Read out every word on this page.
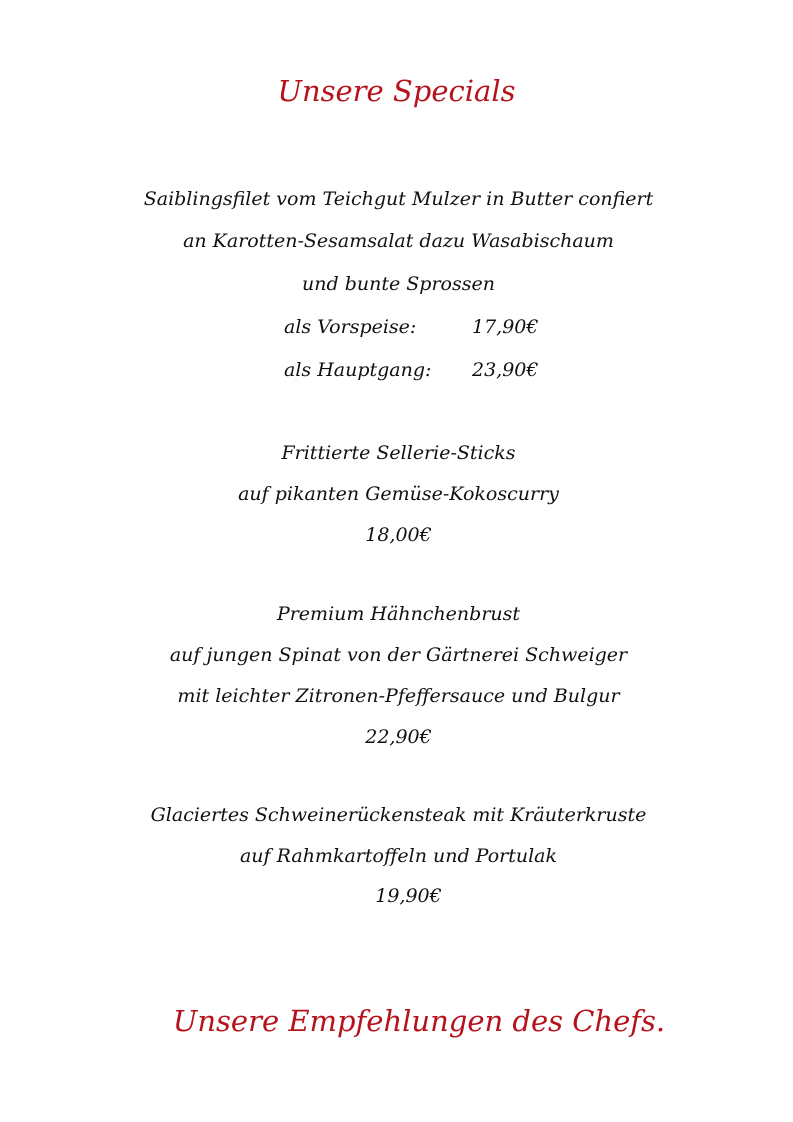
Unsere Specials
Saiblingsfilet vom Teichgut Mulzer in Butter confiert
an Karotten-Sesamsalat dazu Wasabischaum
und bunte Sprossen
als Vorspeise:	17,90€
als Hauptgang: 23,90€
Frittierte Sellerie-Sticks
auf pikanten Gemüse-Kokoscurry
18,00€
Premium Hähnchenbrust
auf jungen Spinat von der Gärtnerei Schweiger
mit leichter Zitronen-Pfeffersauce und Bulgur
22,90€
Glaciertes Schweinerückensteak mit Kräuterkruste
auf Rahmkartoffeln und Portulak
19,90€
Unsere Empfehlungen des Chefs.
